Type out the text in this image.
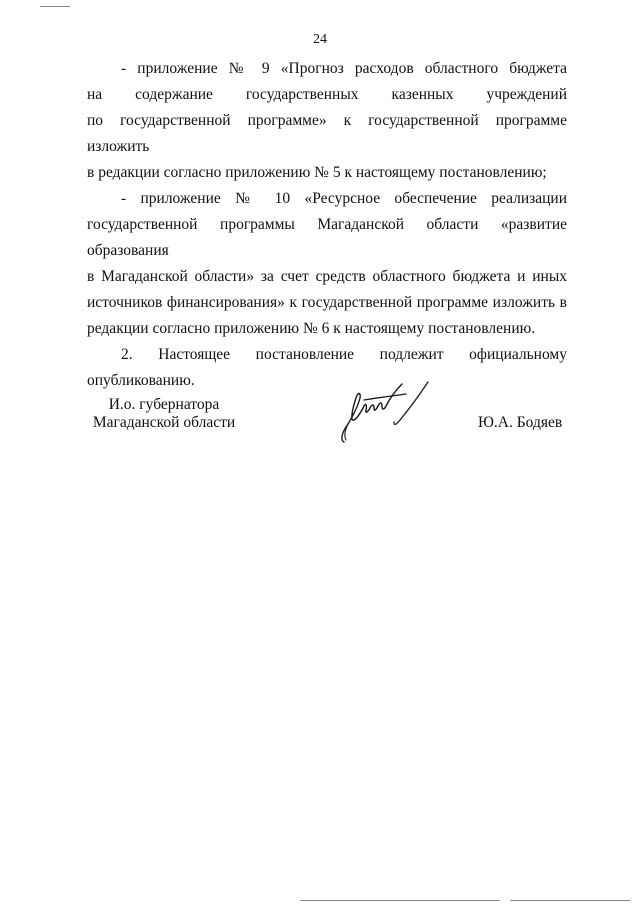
24

- приложение № 9 «Прогноз расходов областного бюджета
на содержание государственных казенных учреждений
по государственной программе» к государственной программе изложить
в редакции согласно приложению № 5 к настоящему постановлению;

- приложение № 10 «Ресурсное обеспечение реализации
государственной программы Магаданской области «развитие образования
в Магаданской области» за счет средств областного бюджета и иных
источников финансирования» к государственной программе изложить в
редакции согласно приложению № 6 к настоящему постановлению.

2. Настоящее постановление подлежит официальному
опубликованию.

И.о. губернатора
Магаданской области	Ю.А. Бодяев
